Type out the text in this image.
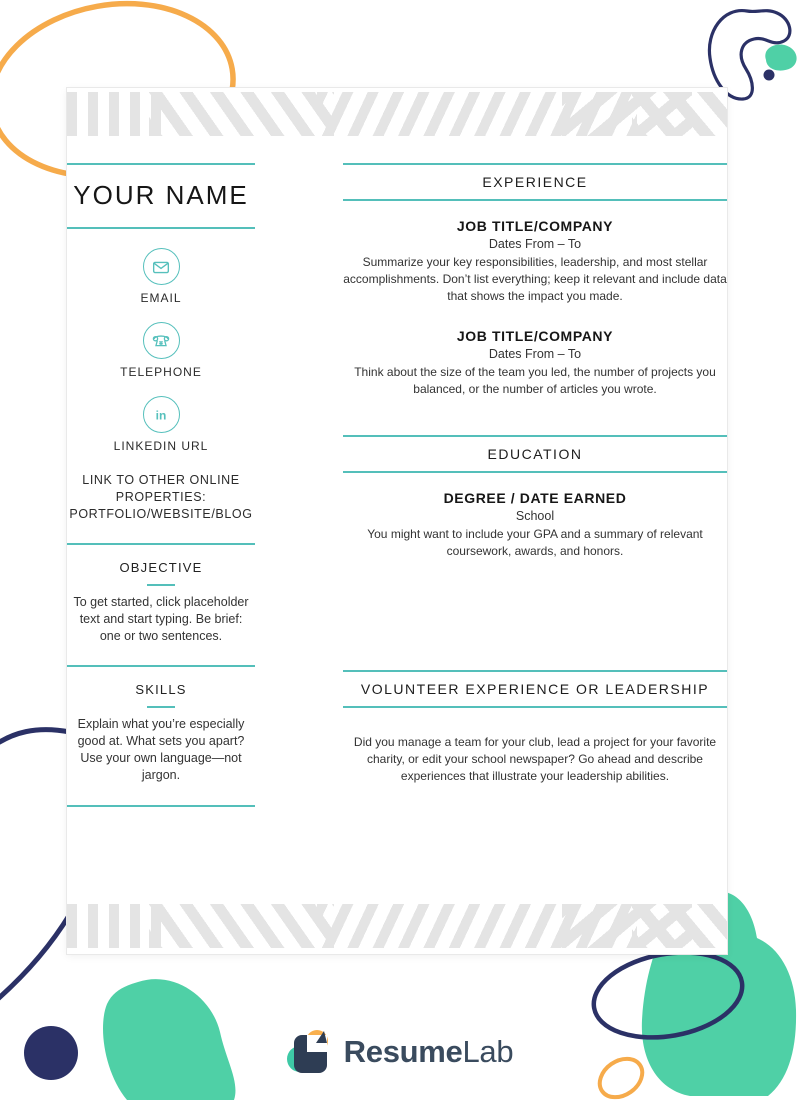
YOUR NAME
EMAIL
TELEPHONE
in
LINKEDIN URL
LINK TO OTHER ONLINE PROPERTIES: PORTFOLIO/WEBSITE/BLOG
OBJECTIVE
To get started, click placeholder text and start typing. Be brief: one or two sentences.
SKILLS
Explain what you’re especially good at. What sets you apart? Use your own language—not jargon.
EXPERIENCE
JOB TITLE/COMPANY
Dates From – To
Summarize your key responsibilities, leadership, and most stellar accomplishments. Don’t list everything; keep it relevant and include data that shows the impact you made.
JOB TITLE/COMPANY
Dates From – To
Think about the size of the team you led, the number of projects you balanced, or the number of articles you wrote.
EDUCATION
DEGREE / DATE EARNED
School
You might want to include your GPA and a summary of relevant coursework, awards, and honors.
VOLUNTEER EXPERIENCE OR LEADERSHIP
Did you manage a team for your club, lead a project for your favorite charity, or edit your school newspaper? Go ahead and describe experiences that illustrate your leadership abilities.
ResumeLab
